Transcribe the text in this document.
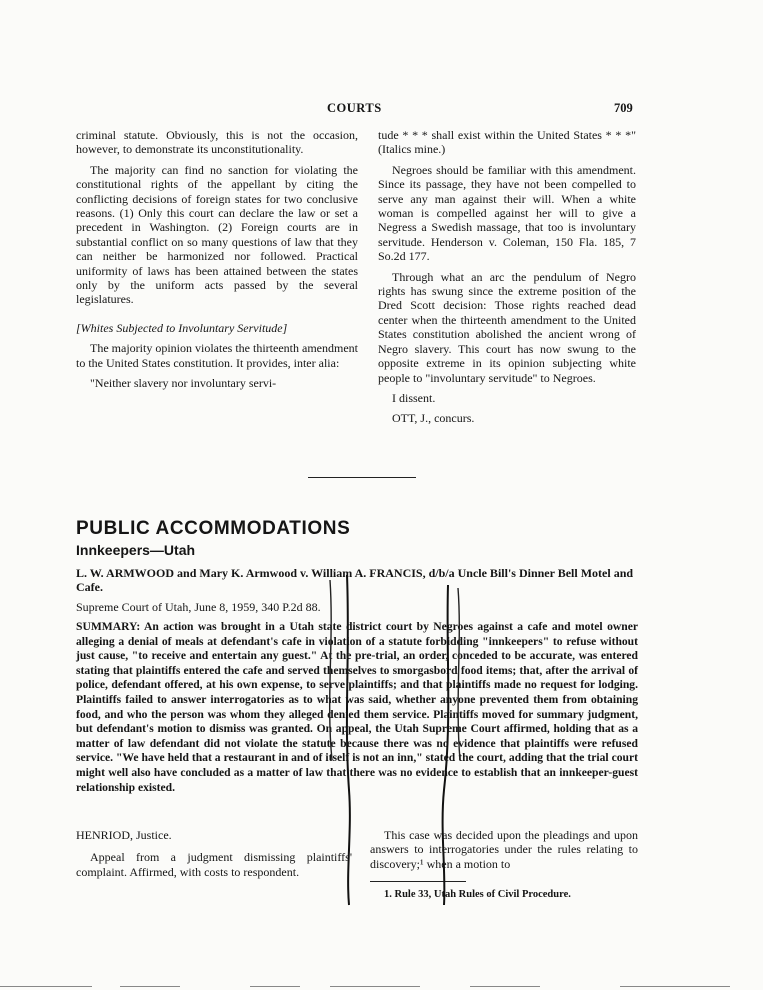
COURTS	709

criminal statute. Obviously, this is not the occasion, however, to demonstrate its unconstitutionality.

The majority can find no sanction for violating the constitutional rights of the appellant by citing the conflicting decisions of foreign states for two conclusive reasons. (1) Only this court can declare the law or set a precedent in Washington. (2) Foreign courts are in substantial conflict on so many questions of law that they can neither be harmonized nor followed. Practical uniformity of laws has been attained between the states only by the uniform acts passed by the several legislatures.

[Whites Subjected to Involuntary Servitude]

The majority opinion violates the thirteenth amendment to the United States constitution. It provides, inter alia:

"Neither slavery nor involuntary servi-

tude * * * shall exist within the United States * * *" (Italics mine.)

Negroes should be familiar with this amendment. Since its passage, they have not been compelled to serve any man against their will. When a white woman is compelled against her will to give a Negress a Swedish massage, that too is involuntary servitude. Henderson v. Coleman, 150 Fla. 185, 7 So.2d 177.

Through what an arc the pendulum of Negro rights has swung since the extreme position of the Dred Scott decision: Those rights reached dead center when the thirteenth amendment to the United States constitution abolished the ancient wrong of Negro slavery. This court has now swung to the opposite extreme in its opinion subjecting white people to "involuntary servitude" to Negroes.

I dissent.

OTT, J., concurs.

PUBLIC ACCOMMODATIONS
Innkeepers—Utah
L. W. ARMWOOD and Mary K. Armwood v. William A. FRANCIS, d/b/a Uncle Bill's Dinner Bell Motel and Cafe.
Supreme Court of Utah, June 8, 1959, 340 P.2d 88.
SUMMARY: An action was brought in a Utah state district court by Negroes against a cafe and motel owner alleging a denial of meals at defendant's cafe in violation of a statute forbidding "innkeepers" to refuse without just cause, "to receive and entertain any guest." At the pre-trial, an order, conceded to be accurate, was entered stating that plaintiffs entered the cafe and served themselves to smorgasbord food items; that, after the arrival of police, defendant offered, at his own expense, to serve plaintiffs; and that plaintiffs made no request for lodging. Plaintiffs failed to answer interrogatories as to what was said, whether anyone prevented them from obtaining food, and who the person was whom they alleged denied them service. Plaintiffs moved for summary judgment, but defendant's motion to dismiss was granted. On appeal, the Utah Supreme Court affirmed, holding that as a matter of law defendant did not violate the statute because there was no evidence that plaintiffs were refused service. "We have held that a restaurant in and of itself is not an inn," stated the court, adding that the trial court might well also have concluded as a matter of law that there was no evidence to establish that an innkeeper-guest relationship existed.
HENRIOD, Justice.

Appeal from a judgment dismissing plaintiffs' complaint. Affirmed, with costs to respondent.

This case was decided upon the pleadings and upon answers to interrogatories under the rules relating to discovery;¹ when a motion to

1. Rule 33, Utah Rules of Civil Procedure.
